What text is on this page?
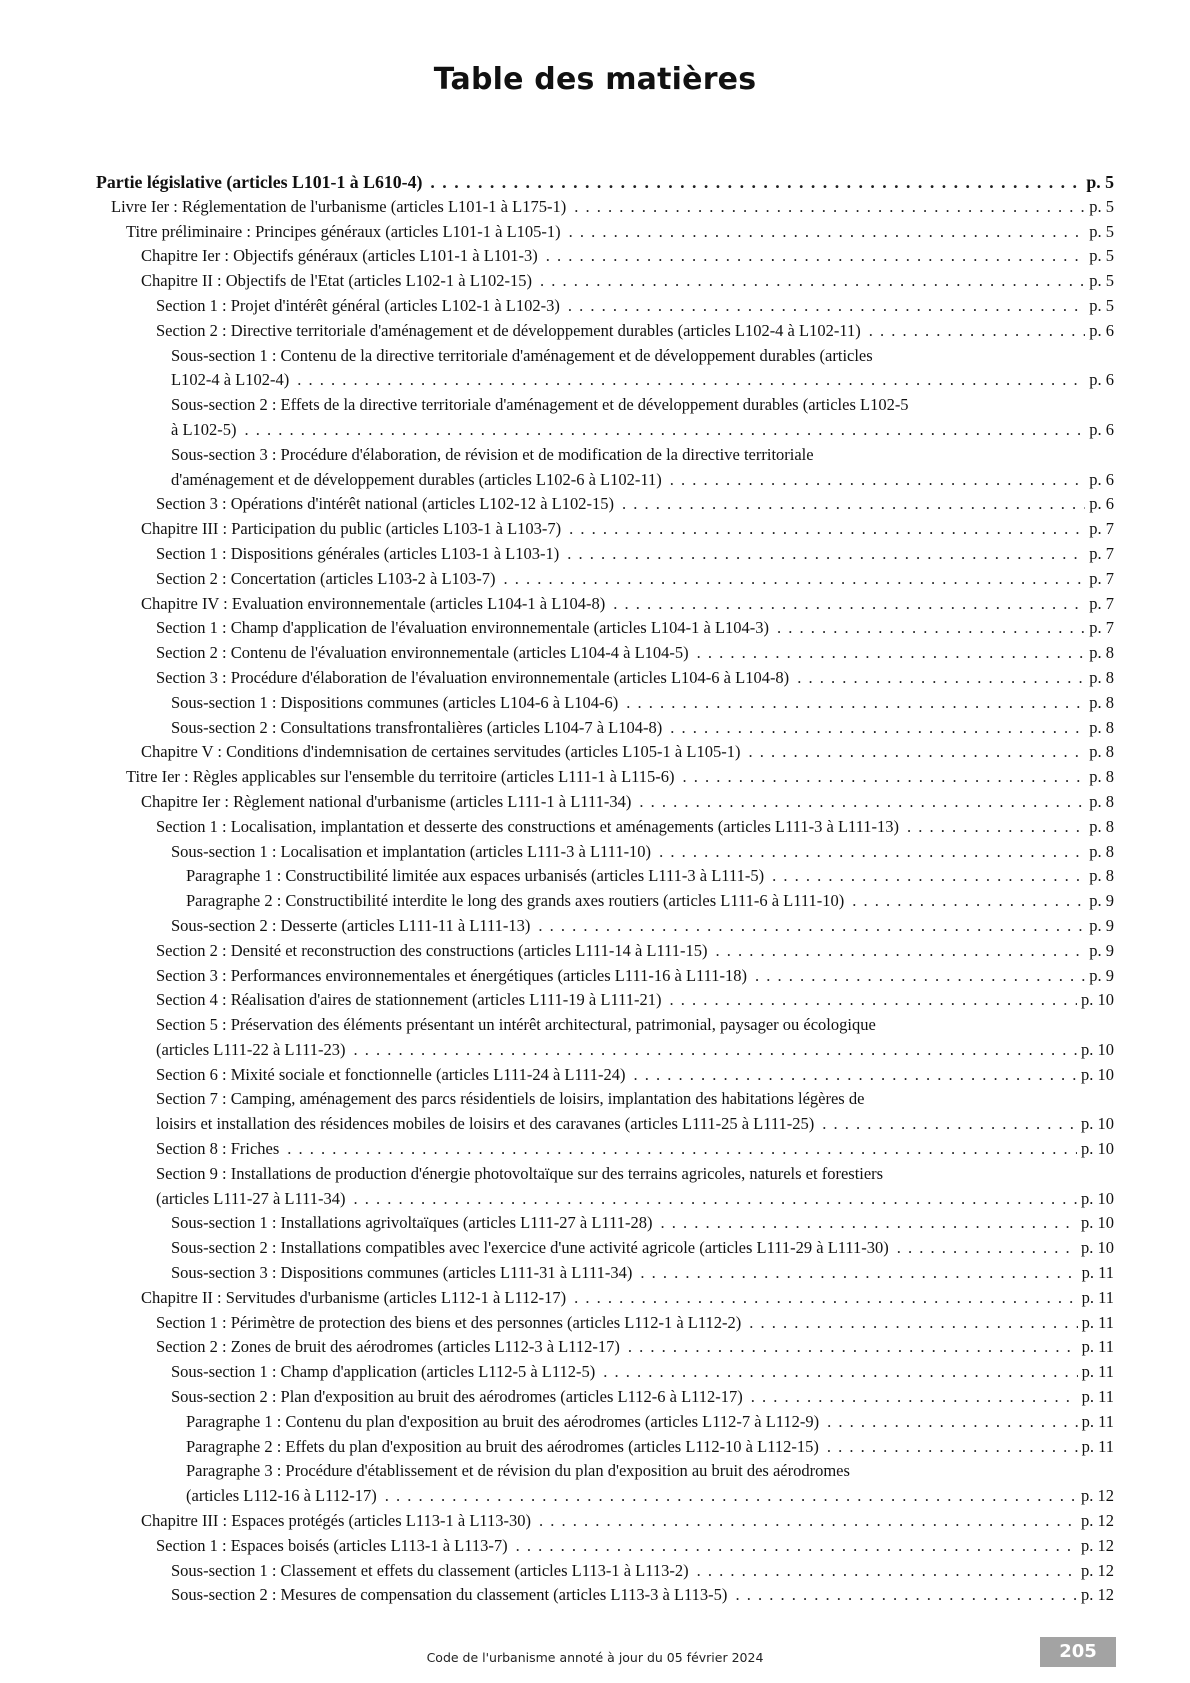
Table des matières
Partie législative (articles L101-1 à L610-4) . . .	p. 5
Livre Ier : Réglementation de l'urbanisme (articles L101-1 à L175-1) . . .	p. 5
Titre préliminaire : Principes généraux (articles L101-1 à L105-1) . . .	p. 5
Chapitre Ier : Objectifs généraux (articles L101-1 à L101-3) . . .	p. 5
Chapitre II : Objectifs de l'Etat (articles L102-1 à L102-15) . . .	p. 5
Section 1 : Projet d'intérêt général (articles L102-1 à L102-3) . . .	p. 5
Section 2 : Directive territoriale d'aménagement et de développement durables (articles L102-4 à L102-11) . . .	p. 6
Sous-section 1 : Contenu de la directive territoriale d'aménagement et de développement durables (articles
L102-4 à L102-4) . . .	p. 6
Sous-section 2 : Effets de la directive territoriale d'aménagement et de développement durables (articles L102-5
à L102-5) . . .	p. 6
Sous-section 3 : Procédure d'élaboration, de révision et de modification de la directive territoriale
d'aménagement et de développement durables (articles L102-6 à L102-11) . . .	p. 6
Section 3 : Opérations d'intérêt national (articles L102-12 à L102-15) . . .	p. 6
Chapitre III : Participation du public (articles L103-1 à L103-7) . . .	p. 7
Section 1 : Dispositions générales (articles L103-1 à L103-1) . . .	p. 7
Section 2 : Concertation (articles L103-2 à L103-7) . . .	p. 7
Chapitre IV : Evaluation environnementale (articles L104-1 à L104-8) . . .	p. 7
Section 1 : Champ d'application de l'évaluation environnementale (articles L104-1 à L104-3) . . .	p. 7
Section 2 : Contenu de l'évaluation environnementale (articles L104-4 à L104-5) . . .	p. 8
Section 3 : Procédure d'élaboration de l'évaluation environnementale (articles L104-6 à L104-8) . . .	p. 8
Sous-section 1 : Dispositions communes (articles L104-6 à L104-6) . . .	p. 8
Sous-section 2 : Consultations transfrontalières (articles L104-7 à L104-8) . . .	p. 8
Chapitre V : Conditions d'indemnisation de certaines servitudes (articles L105-1 à L105-1) . . .	p. 8
Titre Ier : Règles applicables sur l'ensemble du territoire (articles L111-1 à L115-6) . . .	p. 8
Chapitre Ier : Règlement national d'urbanisme (articles L111-1 à L111-34) . . .	p. 8
Section 1 : Localisation, implantation et desserte des constructions et aménagements (articles L111-3 à L111-13) . . .	p. 8
Sous-section 1 : Localisation et implantation (articles L111-3 à L111-10) . . .	p. 8
Paragraphe 1 : Constructibilité limitée aux espaces urbanisés (articles L111-3 à L111-5) . . .	p. 8
Paragraphe 2 : Constructibilité interdite le long des grands axes routiers (articles L111-6 à L111-10) . . .	p. 9
Sous-section 2 : Desserte (articles L111-11 à L111-13) . . .	p. 9
Section 2 : Densité et reconstruction des constructions (articles L111-14 à L111-15) . . .	p. 9
Section 3 : Performances environnementales et énergétiques (articles L111-16 à L111-18) . . .	p. 9
Section 4 : Réalisation d'aires de stationnement (articles L111-19 à L111-21) . . .	p. 10
Section 5 : Préservation des éléments présentant un intérêt architectural, patrimonial, paysager ou écologique
(articles L111-22 à L111-23) . . .	p. 10
Section 6 : Mixité sociale et fonctionnelle (articles L111-24 à L111-24) . . .	p. 10
Section 7 : Camping, aménagement des parcs résidentiels de loisirs, implantation des habitations légères de
loisirs et installation des résidences mobiles de loisirs et des caravanes (articles L111-25 à L111-25) . . .	p. 10
Section 8 : Friches . . .	p. 10
Section 9 : Installations de production d'énergie photovoltaïque sur des terrains agricoles, naturels et forestiers
(articles L111-27 à L111-34) . . .	p. 10
Sous-section 1 : Installations agrivoltaïques (articles L111-27 à L111-28) . . .	p. 10
Sous-section 2 : Installations compatibles avec l'exercice d'une activité agricole (articles L111-29 à L111-30) . . .	p. 10
Sous-section 3 : Dispositions communes (articles L111-31 à L111-34) . . .	p. 11
Chapitre II : Servitudes d'urbanisme (articles L112-1 à L112-17) . . .	p. 11
Section 1 : Périmètre de protection des biens et des personnes (articles L112-1 à L112-2) . . .	p. 11
Section 2 : Zones de bruit des aérodromes (articles L112-3 à L112-17) . . .	p. 11
Sous-section 1 : Champ d'application (articles L112-5 à L112-5) . . .	p. 11
Sous-section 2 : Plan d'exposition au bruit des aérodromes (articles L112-6 à L112-17) . . .	p. 11
Paragraphe 1 : Contenu du plan d'exposition au bruit des aérodromes (articles L112-7 à L112-9) . . .	p. 11
Paragraphe 2 : Effets du plan d'exposition au bruit des aérodromes (articles L112-10 à L112-15) . . .	p. 11
Paragraphe 3 : Procédure d'établissement et de révision du plan d'exposition au bruit des aérodromes
(articles L112-16 à L112-17) . . .	p. 12
Chapitre III : Espaces protégés (articles L113-1 à L113-30) . . .	p. 12
Section 1 : Espaces boisés (articles L113-1 à L113-7) . . .	p. 12
Sous-section 1 : Classement et effets du classement (articles L113-1 à L113-2) . . .	p. 12
Sous-section 2 : Mesures de compensation du classement (articles L113-3 à L113-5) . . .	p. 12
Code de l'urbanisme annoté à jour du 05 février 2024	205
